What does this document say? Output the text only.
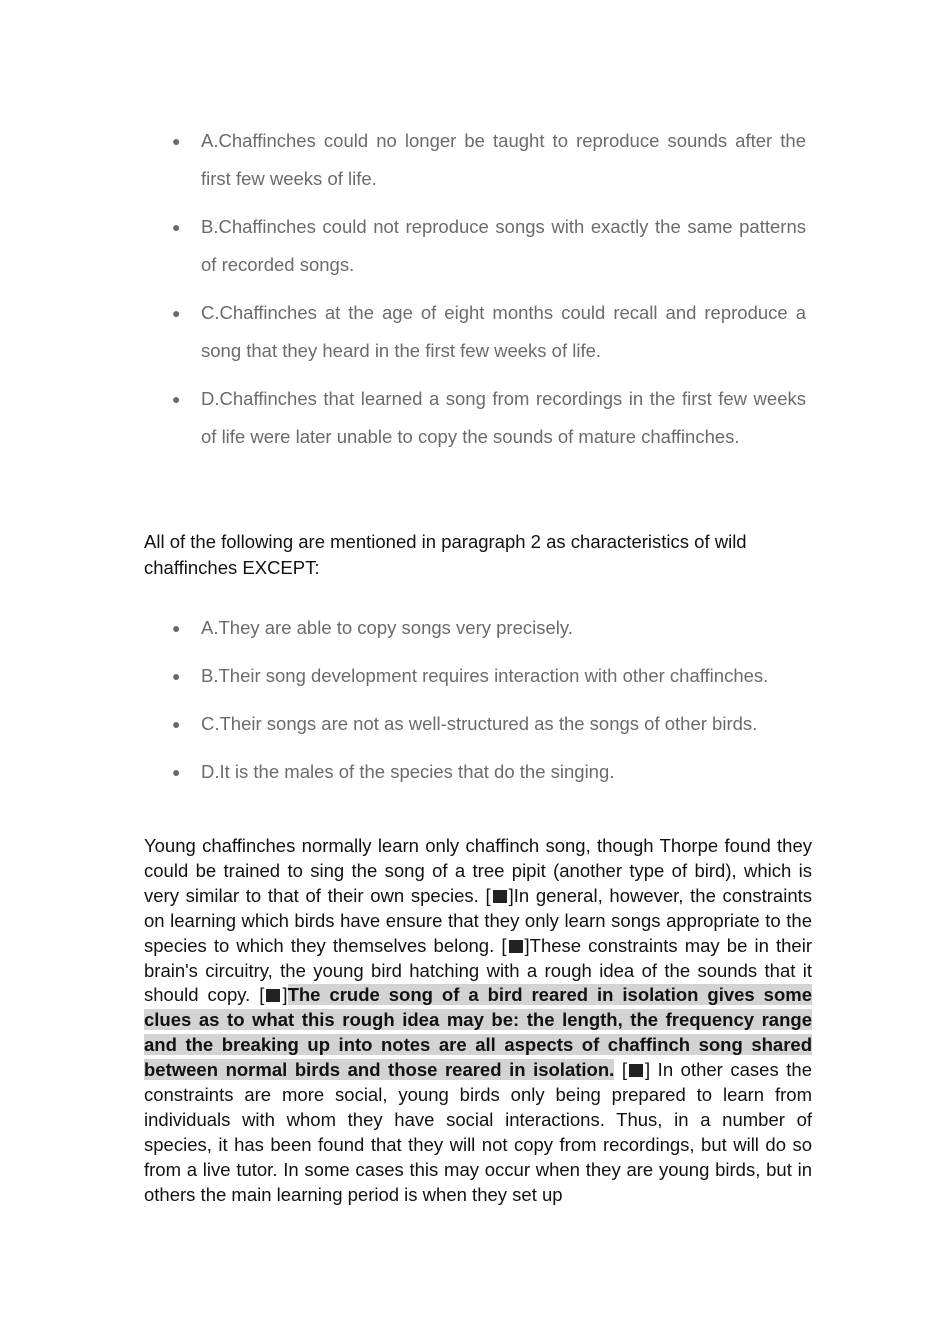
● A.Chaffinches could no longer be taught to reproduce sounds after the first few weeks of life.
● B.Chaffinches could not reproduce songs with exactly the same patterns of recorded songs.
● C.Chaffinches at the age of eight months could recall and reproduce a song that they heard in the first few weeks of life.
● D.Chaffinches that learned a song from recordings in the first few weeks of life were later unable to copy the sounds of mature chaffinches.
All of the following are mentioned in paragraph 2 as characteristics of wild chaffinches EXCEPT:
● A.They are able to copy songs very precisely.
● B.Their song development requires interaction with other chaffinches.
● C.Their songs are not as well-structured as the songs of other birds.
● D.It is the males of the species that do the singing.
Young chaffinches normally learn only chaffinch song, though Thorpe found they could be trained to sing the song of a tree pipit (another type of bird), which is very similar to that of their own species. [ ]In general, however, the constraints on learning which birds have ensure that they only learn songs appropriate to the species to which they themselves belong. [ ]These constraints may be in their brain's circuitry, the young bird hatching with a rough idea of the sounds that it should copy. [ ]The crude song of a bird reared in isolation gives some clues as to what this rough idea may be: the length, the frequency range and the breaking up into notes are all aspects of chaffinch song shared between normal birds and those reared in isolation. [ ] In other cases the constraints are more social, young birds only being prepared to learn from individuals with whom they have social interactions. Thus, in a number of species, it has been found that they will not copy from recordings, but will do so from a live tutor. In some cases this may occur when they are young birds, but in others the main learning period is when they set up
